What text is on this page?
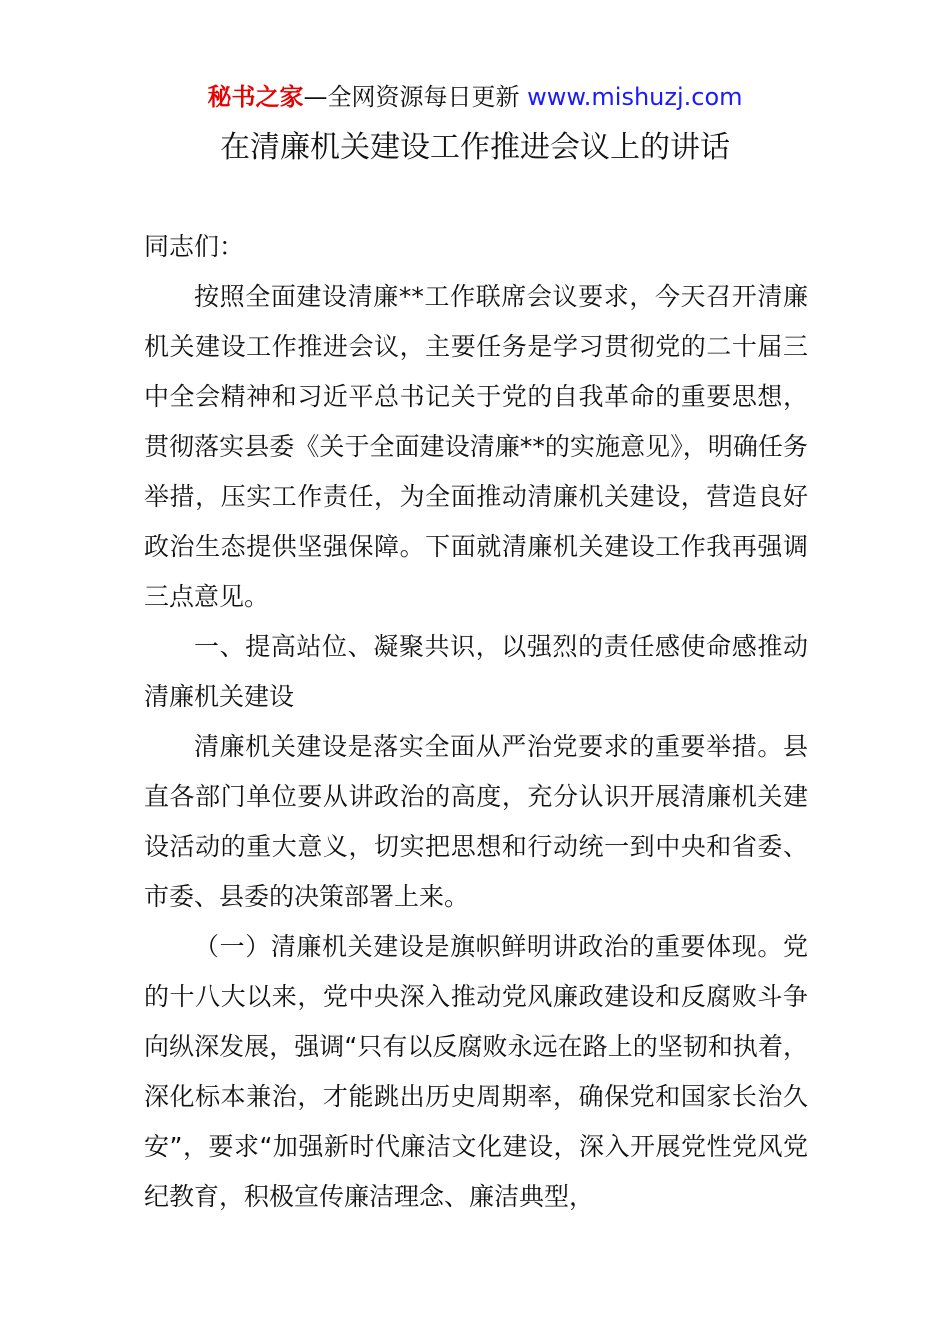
秘书之家—全网资源每日更新 www.mishuzj.com
在清廉机关建设工作推进会议上的讲话

同志们：

按照全面建设清廉**工作联席会议要求，今天召开清廉机关建设工作推进会议，主要任务是学习贯彻党的二十届三中全会精神和习近平总书记关于党的自我革命的重要思想，贯彻落实县委《关于全面建设清廉**的实施意见》，明确任务举措，压实工作责任，为全面推动清廉机关建设，营造良好政治生态提供坚强保障。下面就清廉机关建设工作我再强调三点意见。

一、提高站位、凝聚共识，以强烈的责任感使命感推动清廉机关建设

清廉机关建设是落实全面从严治党要求的重要举措。县直各部门单位要从讲政治的高度，充分认识开展清廉机关建设活动的重大意义，切实把思想和行动统一到中央和省委、市委、县委的决策部署上来。

（一）清廉机关建设是旗帜鲜明讲政治的重要体现。党的十八大以来，党中央深入推动党风廉政建设和反腐败斗争向纵深发展，强调“只有以反腐败永远在路上的坚韧和执着，深化标本兼治，才能跳出历史周期率，确保党和国家长治久安”，要求“加强新时代廉洁文化建设，深入开展党性党风党纪教育，积极宣传廉洁理念、廉洁典型，
